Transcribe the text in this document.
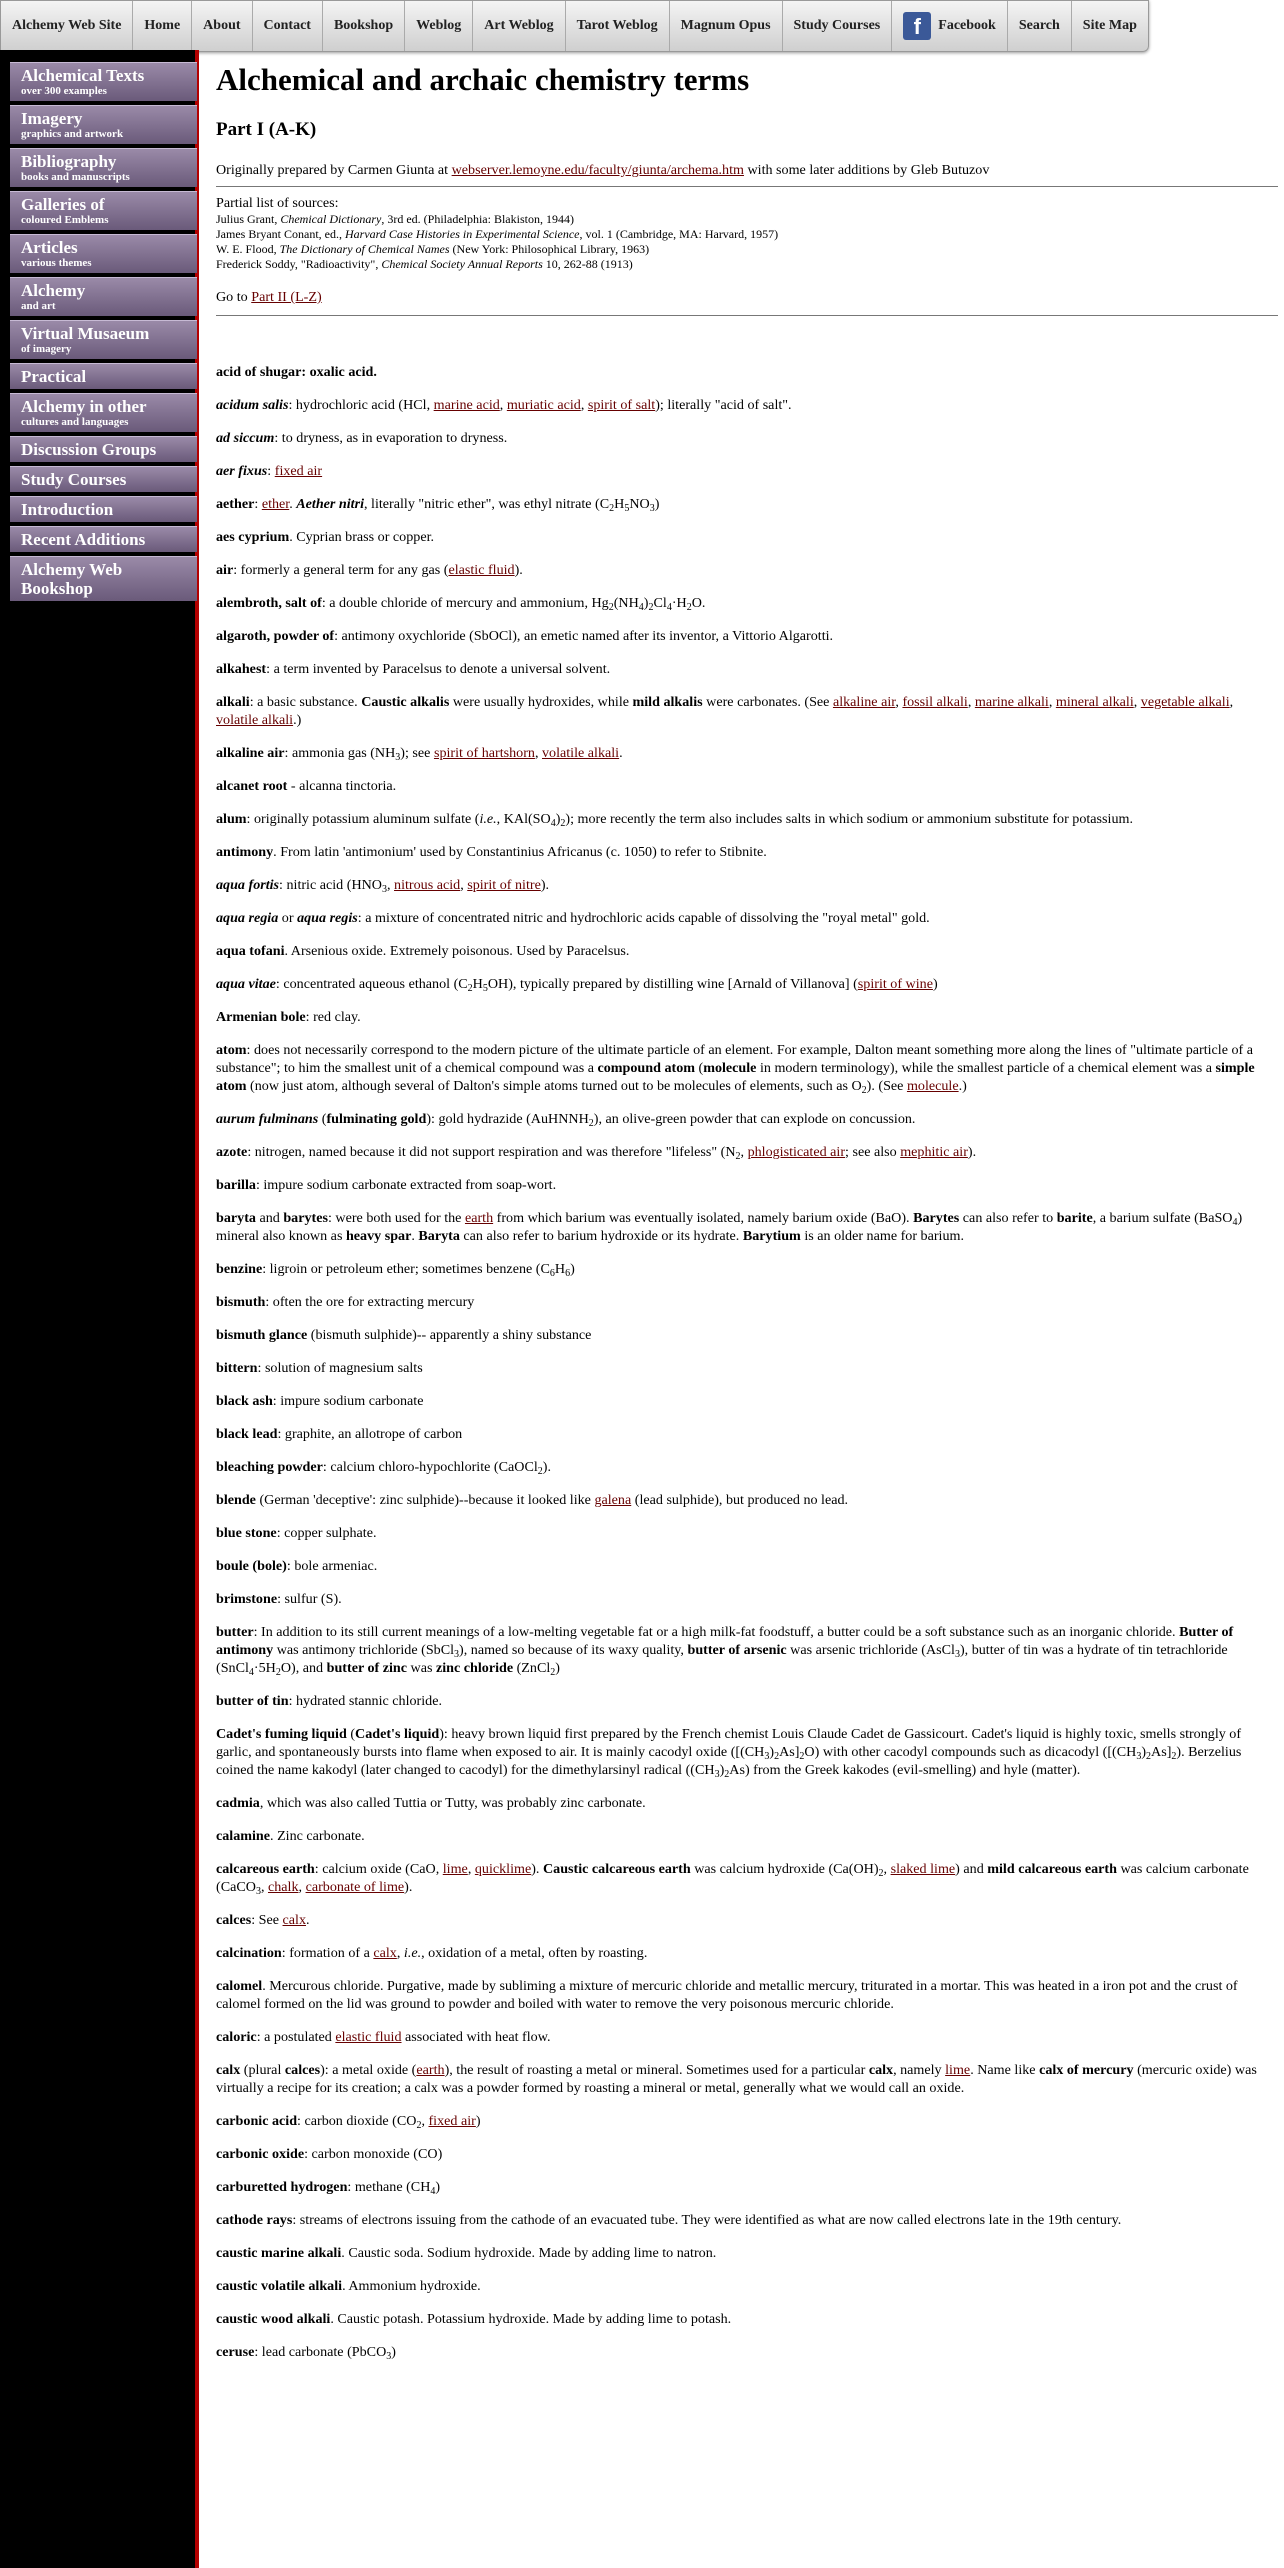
Alchemy Web Site	Home	About	Contact	Bookshop	Weblog	Art Weblog	Tarot Weblog	Magnum Opus	Study Courses	f	Facebook	Search	Site Map
Alchemical Texts
over 300 examples
Imagery
graphics and artwork
Bibliography
books and manuscripts
Galleries of
coloured Emblems
Articles
various themes
Alchemy
and art
Virtual Musaeum
of imagery
Practical
Alchemy in other
cultures and languages
Discussion Groups
Study Courses
Introduction
Recent Additions
Alchemy Web Bookshop
Alchemical and archaic chemistry terms
Part I (A-K)

Originally prepared by Carmen Giunta at webserver.lemoyne.edu/faculty/giunta/archema.htm with some later additions by Gleb Butuzov

Partial list of sources:
Julius Grant, Chemical Dictionary, 3rd ed. (Philadelphia: Blakiston, 1944)
James Bryant Conant, ed., Harvard Case Histories in Experimental Science, vol. 1 (Cambridge, MA: Harvard, 1957)
W. E. Flood, The Dictionary of Chemical Names (New York: Philosophical Library, 1963)
Frederick Soddy, "Radioactivity", Chemical Society Annual Reports 10, 262-88 (1913)

Go to Part II (L-Z)

acid of shugar: oxalic acid.

acidum salis: hydrochloric acid (HCl, marine acid, muriatic acid, spirit of salt); literally "acid of salt".

ad siccum: to dryness, as in evaporation to dryness.

aer fixus: fixed air

aether: ether. Aether nitri, literally "nitric ether", was ethyl nitrate $(C_2H_5NO_3)$

aes cyprium. Cyprian brass or copper.

air: formerly a general term for any gas (elastic fluid).

alembroth, salt of: a double chloride of mercury and ammonium, $Hg_2(NH_4)_2Cl_4\cdot H_2O$.

algaroth, powder of: antimony oxychloride (SbOCl), an emetic named after its inventor, a Vittorio Algarotti.

alkahest: a term invented by Paracelsus to denote a universal solvent.

alkali: a basic substance. Caustic alkalis were usually hydroxides, while mild alkalis were carbonates. (See alkaline air, fossil alkali, marine alkali, mineral alkali, vegetable alkali, volatile alkali.)

alkaline air: ammonia gas $(NH_3)$; see spirit of hartshorn, volatile alkali.

alcanet root - alcanna tinctoria.

alum: originally potassium aluminum sulfate (i.e., $KAl(SO_4)_2$); more recently the term also includes salts in which sodium or ammonium substitute for potassium.

antimony. From latin 'antimonium' used by Constantinius Africanus (c. 1050) to refer to Stibnite.

aqua fortis: nitric acid ($HNO_3$, nitrous acid, spirit of nitre).

aqua regia or aqua regis: a mixture of concentrated nitric and hydrochloric acids capable of dissolving the "royal metal" gold.

aqua tofani. Arsenious oxide. Extremely poisonous. Used by Paracelsus.

aqua vitae: concentrated aqueous ethanol $(C_2H_5OH)$, typically prepared by distilling wine [Arnald of Villanova] (spirit of wine)

Armenian bole: red clay.

atom: does not necessarily correspond to the modern picture of the ultimate particle of an element. For example, Dalton meant something more along the lines of "ultimate particle of a substance"; to him the smallest unit of a chemical compound was a compound atom (molecule in modern terminology), while the smallest particle of a chemical element was a simple atom (now just atom, although several of Dalton's simple atoms turned out to be molecules of elements, such as $O_2$). (See molecule.)

aurum fulminans (fulminating gold): gold hydrazide (AuHNNH$_2$), an olive-green powder that can explode on concussion.

azote: nitrogen, named because it did not support respiration and was therefore "lifeless" ($N_2$, phlogisticated air; see also mephitic air).

barilla: impure sodium carbonate extracted from soap-wort.

baryta and barytes: were both used for the earth from which barium was eventually isolated, namely barium oxide (BaO). Barytes can also refer to barite, a barium sulfate (BaSO$_4$) mineral also known as heavy spar. Baryta can also refer to barium hydroxide or its hydrate. Barytium is an older name for barium.

benzine: ligroin or petroleum ether; sometimes benzene $(C_6H_6)$

bismuth: often the ore for extracting mercury

bismuth glance (bismuth sulphide)-- apparently a shiny substance

bittern: solution of magnesium salts

black ash: impure sodium carbonate

black lead: graphite, an allotrope of carbon

bleaching powder: calcium chloro-hypochlorite (CaOCl$_2$).

blende (German 'deceptive': zinc sulphide)--because it looked like galena (lead sulphide), but produced no lead.

blue stone: copper sulphate.

boule (bole): bole armeniac.

brimstone: sulfur (S).

butter: In addition to its still current meanings of a low-melting vegetable fat or a high milk-fat foodstuff, a butter could be a soft substance such as an inorganic chloride. Butter of antimony was antimony trichloride (SbCl$_3$), named so because of its waxy quality, butter of arsenic was arsenic trichloride (AsCl$_3$), butter of tin was a hydrate of tin tetrachloride $(SnCl_4\cdot 5H_2O)$, and butter of zinc was zinc chloride (ZnCl$_2$)

butter of tin: hydrated stannic chloride.

Cadet's fuming liquid (Cadet's liquid): heavy brown liquid first prepared by the French chemist Louis Claude Cadet de Gassicourt. Cadet's liquid is highly toxic, smells strongly of garlic, and spontaneously bursts into flame when exposed to air. It is mainly cacodyl oxide $([(CH_3)_2As]_2O)$ with other cacodyl compounds such as dicacodyl $([(CH_3)_2As]_2)$. Berzelius coined the name kakodyl (later changed to cacodyl) for the dimethylarsinyl radical $((CH_3)_2As)$ from the Greek kakodes (evil-smelling) and hyle (matter).

cadmia, which was also called Tuttia or Tutty, was probably zinc carbonate.

calamine. Zinc carbonate.

calcareous earth: calcium oxide (CaO, lime, quicklime). Caustic calcareous earth was calcium hydroxide ($Ca(OH)_2$, slaked lime) and mild calcareous earth was calcium carbonate (CaCO$_3$, chalk, carbonate of lime).

calces: See calx.

calcination: formation of a calx, i.e., oxidation of a metal, often by roasting.

calomel. Mercurous chloride. Purgative, made by subliming a mixture of mercuric chloride and metallic mercury, triturated in a mortar. This was heated in a iron pot and the crust of calomel formed on the lid was ground to powder and boiled with water to remove the very poisonous mercuric chloride.

caloric: a postulated elastic fluid associated with heat flow.

calx (plural calces): a metal oxide (earth), the result of roasting a metal or mineral. Sometimes used for a particular calx, namely lime. Name like calx of mercury (mercuric oxide) was virtually a recipe for its creation; a calx was a powder formed by roasting a mineral or metal, generally what we would call an oxide.

carbonic acid: carbon dioxide ($CO_2$, fixed air)

carbonic oxide: carbon monoxide (CO)

carburetted hydrogen: methane $(CH_4)$

cathode rays: streams of electrons issuing from the cathode of an evacuated tube. They were identified as what are now called electrons late in the 19th century.

caustic marine alkali. Caustic soda. Sodium hydroxide. Made by adding lime to natron.

caustic volatile alkali. Ammonium hydroxide.

caustic wood alkali. Caustic potash. Potassium hydroxide. Made by adding lime to potash.

ceruse: lead carbonate (PbCO$_3$)
